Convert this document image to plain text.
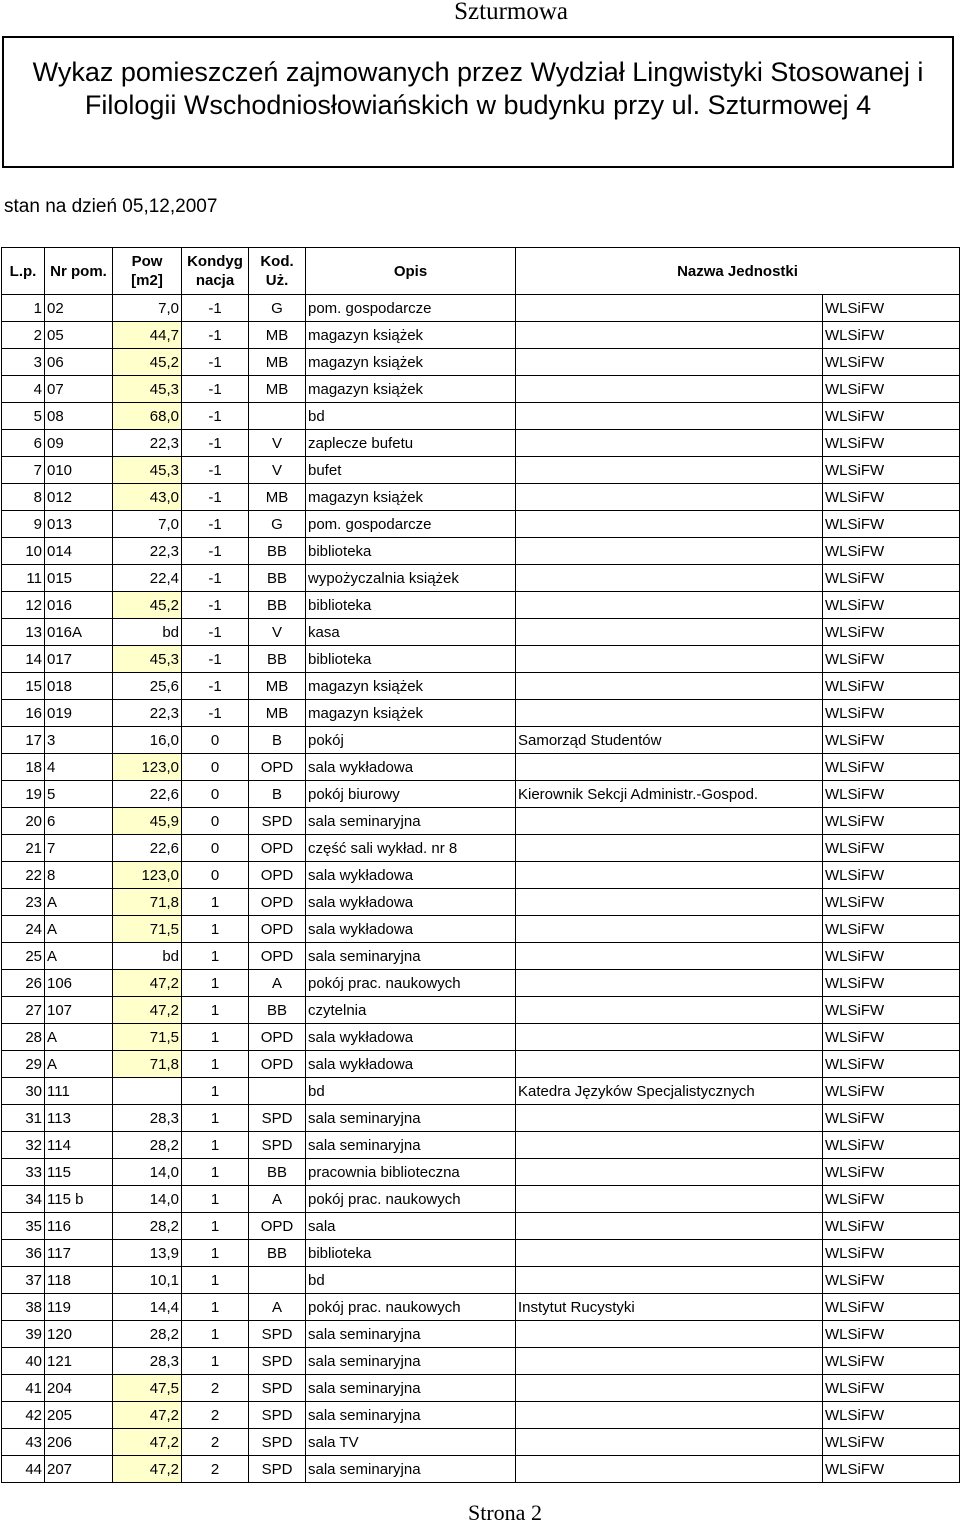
Szturmowa
Wykaz pomieszczeń zajmowanych przez Wydział Lingwistyki Stosowanej i Filologii Wschodniosłowiańskich w budynku przy ul. Szturmowej 4
stan na dzień 05,12,2007
L.p.	Nr pom.	Pow [m2]	Kondyg nacja	Kod. Uż.	Opis	Nazwa Jednostki	
1	02	7,0	-1	G	pom. gospodarcze		WLSiFW
2	05	44,7	-1	MB	magazyn książek		WLSiFW
3	06	45,2	-1	MB	magazyn książek		WLSiFW
4	07	45,3	-1	MB	magazyn książek		WLSiFW
5	08	68,0	-1		bd		WLSiFW
6	09	22,3	-1	V	zaplecze bufetu		WLSiFW
7	010	45,3	-1	V	bufet		WLSiFW
8	012	43,0	-1	MB	magazyn książek		WLSiFW
9	013	7,0	-1	G	pom. gospodarcze		WLSiFW
10	014	22,3	-1	BB	biblioteka		WLSiFW
11	015	22,4	-1	BB	wypożyczalnia książek		WLSiFW
12	016	45,2	-1	BB	biblioteka		WLSiFW
13	016A	bd	-1	V	kasa		WLSiFW
14	017	45,3	-1	BB	biblioteka		WLSiFW
15	018	25,6	-1	MB	magazyn książek		WLSiFW
16	019	22,3	-1	MB	magazyn książek		WLSiFW
17	3	16,0	0	B	pokój	Samorząd Studentów	WLSiFW
18	4	123,0	0	OPD	sala wykładowa		WLSiFW
19	5	22,6	0	B	pokój biurowy	Kierownik Sekcji Administr.-Gospod.	WLSiFW
20	6	45,9	0	SPD	sala seminaryjna		WLSiFW
21	7	22,6	0	OPD	część sali wykład. nr 8		WLSiFW
22	8	123,0	0	OPD	sala wykładowa		WLSiFW
23	A	71,8	1	OPD	sala wykładowa		WLSiFW
24	A	71,5	1	OPD	sala wykładowa		WLSiFW
25	A	bd	1	OPD	sala seminaryjna		WLSiFW
26	106	47,2	1	A	pokój prac. naukowych		WLSiFW
27	107	47,2	1	BB	czytelnia		WLSiFW
28	A	71,5	1	OPD	sala wykładowa		WLSiFW
29	A	71,8	1	OPD	sala wykładowa		WLSiFW
30	111		1		bd	Katedra Języków Specjalistycznych	WLSiFW
31	113	28,3	1	SPD	sala seminaryjna		WLSiFW
32	114	28,2	1	SPD	sala seminaryjna		WLSiFW
33	115	14,0	1	BB	pracownia biblioteczna		WLSiFW
34	115 b	14,0	1	A	pokój prac. naukowych		WLSiFW
35	116	28,2	1	OPD	sala		WLSiFW
36	117	13,9	1	BB	biblioteka		WLSiFW
37	118	10,1	1		bd		WLSiFW
38	119	14,4	1	A	pokój prac. naukowych	Instytut Rucystyki	WLSiFW
39	120	28,2	1	SPD	sala seminaryjna		WLSiFW
40	121	28,3	1	SPD	sala seminaryjna		WLSiFW
41	204	47,5	2	SPD	sala seminaryjna		WLSiFW
42	205	47,2	2	SPD	sala seminaryjna		WLSiFW
43	206	47,2	2	SPD	sala TV		WLSiFW
44	207	47,2	2	SPD	sala seminaryjna		WLSiFW
Strona 2
